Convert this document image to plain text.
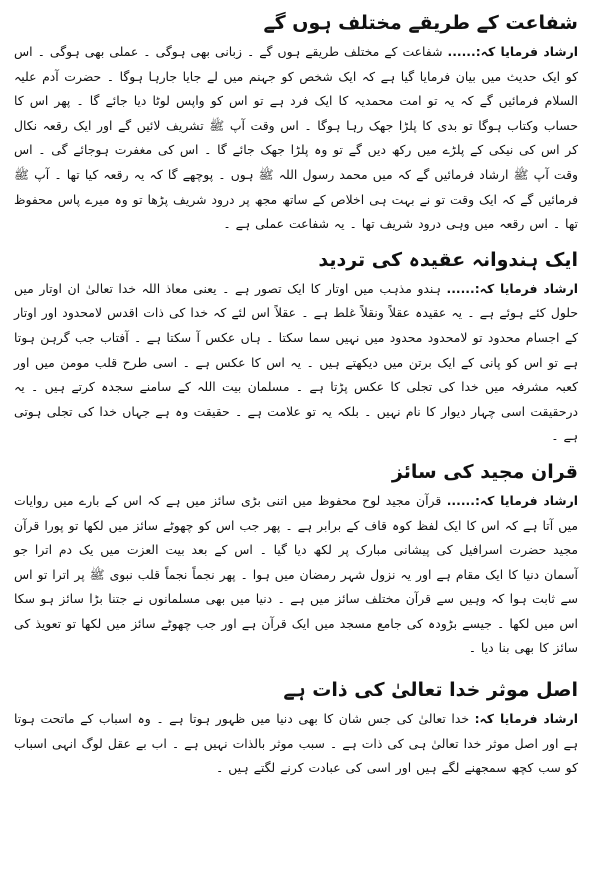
شفاعت کے طریقے مختلف ہوں گے

ارشاد فرمایا کہ:...... شفاعت کے مختلف طریقے ہوں گے ۔ زبانی بھی ہوگی ۔ عملی بھی ہوگی ۔ اس کو ایک حدیث میں بیان فرمایا گیا ہے کہ ایک شخص کو جہنم میں لے جایا جارہا ہوگا ۔ حضرت آدم علیہ السلام فرمائیں گے کہ یہ تو امت محمدیہ کا ایک فرد ہے تو اس کو واپس لوٹا دیا جائے گا ۔ پھر اس کا حساب وکتاب ہوگا تو بدی کا پلڑا جھک رہا ہوگا ۔ اس وقت آپ ﷺ تشریف لائیں گے اور ایک رقعہ نکال کر اس کی نیکی کے پلڑے میں رکھ دیں گے تو وہ پلڑا جھک جائے گا ۔ اس کی مغفرت ہوجائے گی ۔ اس وقت آپ ﷺ ارشاد فرمائیں گے کہ میں محمد رسول اللہ ﷺ ہوں ۔ پوچھے گا کہ یہ رقعہ کیا تھا ۔ آپ ﷺ فرمائیں گے کہ ایک وقت تو نے بہت ہی اخلاص کے ساتھ مجھ پر درود شریف پڑھا تو وہ میرے پاس محفوظ تھا ۔ اس رقعہ میں وہی درود شریف تھا ۔ یہ شفاعت عملی ہے ۔

ایک ہندوانہ عقیدہ کی تردید

ارشاد فرمایا کہ:...... ہندو مذہب میں اوتار کا ایک تصور ہے ۔ یعنی معاذ اللہ خدا تعالیٰ ان اوتار میں حلول کئے ہوئے ہے ۔ یہ عقیدہ عقلاً ونقلاً غلط ہے ۔ عقلاً اس لئے کہ خدا کی ذات اقدس لامحدود اور اوتار کے اجسام محدود تو لامحدود محدود میں نہیں سما سکتا ۔ ہاں عکس آ سکتا ہے ۔ آفتاب جب گرہن ہوتا ہے تو اس کو پانی کے ایک برتن میں دیکھتے ہیں ۔ یہ اس کا عکس ہے ۔ اسی طرح قلب مومن میں اور کعبہ مشرفہ میں خدا کی تجلی کا عکس پڑتا ہے ۔ مسلمان بیت اللہ کے سامنے سجدہ کرتے ہیں ۔ یہ درحقیقت اسی چہار دیوار کا نام نہیں ۔ بلکہ یہ تو علامت ہے ۔ حقیقت وہ ہے جہاں خدا کی تجلی ہوتی ہے ۔

قران مجید کی سائز

ارشاد فرمایا کہ:...... قرآن مجید لوح محفوظ میں اتنی بڑی سائز میں ہے کہ اس کے بارے میں روایات میں آتا ہے کہ اس کا ایک لفظ کوہ قاف کے برابر ہے ۔ پھر جب اس کو چھوٹے سائز میں لکھا تو پورا قرآن مجید حضرت اسرافیل کی پیشانی مبارک پر لکھ دیا گیا ۔ اس کے بعد بیت العزت میں یک دم اترا جو آسمان دنیا کا ایک مقام ہے اور یہ نزول شہر رمضان میں ہوا ۔ پھر نجماً نجماً قلب نبوی ﷺ پر اترا تو اس سے ثابت ہوا کہ وہیں سے قرآن مختلف سائز میں ہے ۔ دنیا میں بھی مسلمانوں نے جتنا بڑا سائز ہو سکا اس میں لکھا ۔ جیسے بڑودہ کی جامع مسجد میں ایک قرآن ہے اور جب چھوٹے سائز میں لکھا تو تعویذ کی سائز کا بھی بنا دیا ۔

اصل موثر خدا تعالیٰ کی ذات ہے

ارشاد فرمایا کہ: خدا تعالیٰ کی جس شان کا بھی دنیا میں ظہور ہوتا ہے ۔ وہ اسباب کے ماتحت ہوتا ہے اور اصل موثر خدا تعالیٰ ہی کی ذات ہے ۔ سبب موثر بالذات نہیں ہے ۔ اب بے عقل لوگ انہی اسباب کو سب کچھ سمجھنے لگے ہیں اور اسی کی عبادت کرنے لگتے ہیں ۔
